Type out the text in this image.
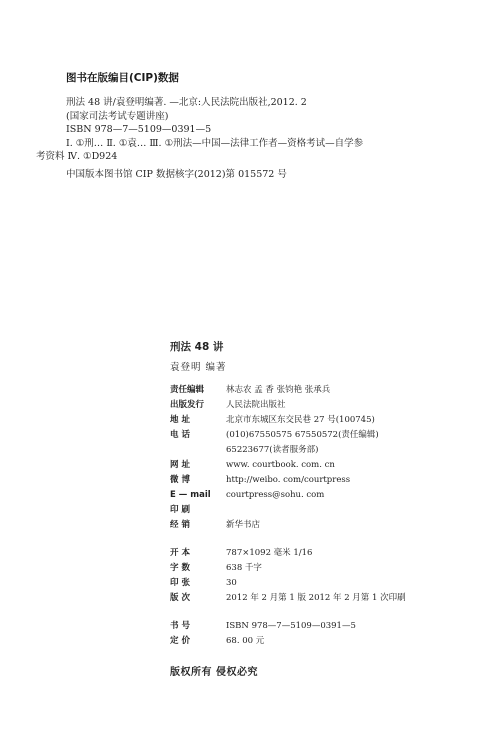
图书在版编目(CIP)数据
刑法 48 讲/袁登明编著. —北京:人民法院出版社,2012. 2
(国家司法考试专题讲座)
ISBN 978—7—5109—0391—5
Ⅰ. ①刑… Ⅱ. ①袁… Ⅲ. ①刑法—中国—法律工作者—资格考试—自学参
考资料 Ⅳ. ①D924
中国版本图书馆 CIP 数据核字(2012)第 015572 号
刑法 48 讲
袁登明 编著
责任编辑	林志农 孟 香 张钧艳 张承兵
出版发行	人民法院出版社
地 址	北京市东城区东交民巷 27 号(100745)
电 话	(010)67550575 67550572(责任编辑)
65223677(读者服务部)
网 址	www. courtbook. com. cn
微 博	http://weibo. com/courtpress
E — mail	courtpress@sohu. com
印 刷
经 销	新华书店
开 本	787×1092 毫米 1/16
字 数	638 千字
印 张	30
版 次	2012 年 2 月第 1 版 2012 年 2 月第 1 次印刷
书 号	ISBN 978—7—5109—0391—5
定 价	68. 00 元
版权所有 侵权必究
